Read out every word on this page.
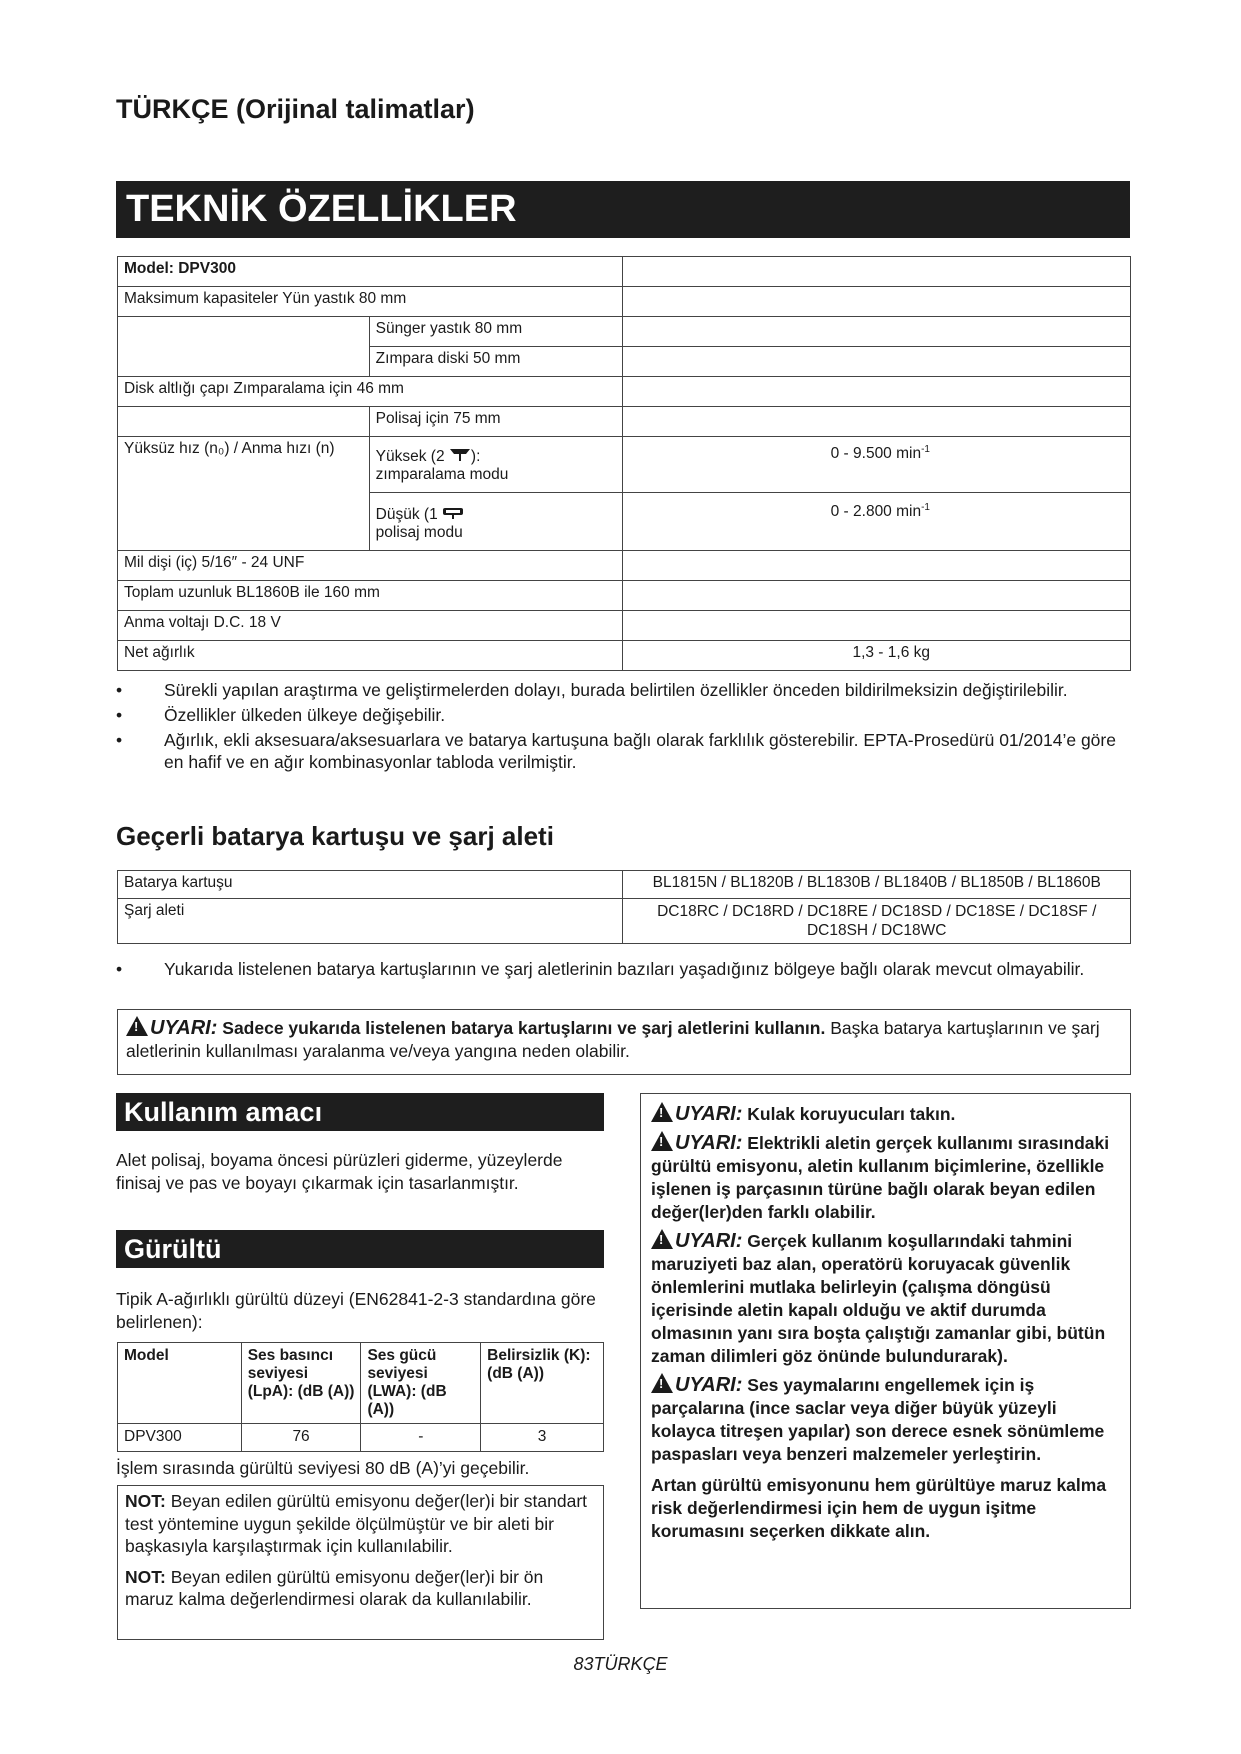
TÜRKÇE (Orijinal talimatlar)
TEKNİK ÖZELLİKLER
Model: DPV300		
Maksimum kapasiteler Yün yastık 80 mm		
	Sünger yastık 80 mm	
	Zımpara diski 50 mm	
Disk altlığı çapı Zımparalama için 46 mm		
	Polisaj için 75 mm	
Yüksüz hız (n₀) / Anma hızı (n)	Yüksek (2 ):
zımparalama modu	0 - 9.500 $\min^{-1}$

	Düşük (1
polisaj modu	0 - 2.800 $\min^{-1}$

Mil dişi (iç) 5/16″ - 24 UNF		
Toplam uzunluk BL1860B ile 160 mm		
Anma voltajı D.C. 18 V		
Net ağırlık		1,3 - 1,6 kg
• Sürekli yapılan araştırma ve geliştirmelerden dolayı, burada belirtilen özellikler önceden bildirilmeksizin değiştirilebilir.
• Özellikler ülkeden ülkeye değişebilir.
• Ağırlık, ekli aksesuara/aksesuarlara ve batarya kartuşuna bağlı olarak farklılık gösterebilir. EPTA-Prosedürü 01/2014’e göre en hafif ve en ağır kombinasyonlar tabloda verilmiştir.
Geçerli batarya kartuşu ve şarj aleti
Batarya kartuşu	BL1815N / BL1820B / BL1830B / BL1840B / BL1850B / BL1860B
Şarj aleti	DC18RC / DC18RD / DC18RE / DC18SD / DC18SE / DC18SF / DC18SH / DC18WC
• Yukarıda listelenen batarya kartuşlarının ve şarj aletlerinin bazıları yaşadığınız bölgeye bağlı olarak mevcut olmayabilir.
!UYARI: Sadece yukarıda listelenen batarya kartuşlarını ve şarj aletlerini kullanın. Başka batarya kartuşlarının ve şarj aletlerinin kullanılması yaralanma ve/veya yangına neden olabilir.
Kullanım amacı
Alet polisaj, boyama öncesi pürüzleri giderme, yüzeylerde finisaj ve pas ve boyayı çıkarmak için tasarlanmıştır.
Gürültü
Tipik A-ağırlıklı gürültü düzeyi (EN62841-2-3 standardına göre belirlenen):
Model	Ses basıncı seviyesi (LpA): (dB (A))	Ses gücü seviyesi (LWA): (dB (A))	Belirsizlik (K): (dB (A))
DPV300	76	-	3
İşlem sırasında gürültü seviyesi 80 dB (A)’yi geçebilir.
NOT: Beyan edilen gürültü emisyonu değer(ler)i bir standart test yöntemine uygun şekilde ölçülmüştür ve bir aleti bir başkasıyla karşılaştırmak için kullanılabilir.
NOT: Beyan edilen gürültü emisyonu değer(ler)i bir ön maruz kalma değerlendirmesi olarak da kullanılabilir.
!UYARI: Kulak koruyucuları takın.
!UYARI: Elektrikli aletin gerçek kullanımı sırasındaki gürültü emisyonu, aletin kullanım biçimlerine, özellikle işlenen iş parçasının türüne bağlı olarak beyan edilen değer(ler)den farklı olabilir.
!UYARI: Gerçek kullanım koşullarındaki tahmini maruziyeti baz alan, operatörü koruyacak güvenlik önlemlerini mutlaka belirleyin (çalışma döngüsü içerisinde aletin kapalı olduğu ve aktif durumda olmasının yanı sıra boşta çalıştığı zamanlar gibi, bütün zaman dilimleri göz önünde bulundurarak).
!UYARI: Ses yaymalarını engellemek için iş parçalarına (ince saclar veya diğer büyük yüzeyli kolayca titreşen yapılar) son derece esnek sönümleme paspasları veya benzeri malzemeler yerleştirin.
Artan gürültü emisyonunu hem gürültüye maruz kalma risk değerlendirmesi için hem de uygun işitme korumasını seçerken dikkate alın.
83TÜRKÇE
